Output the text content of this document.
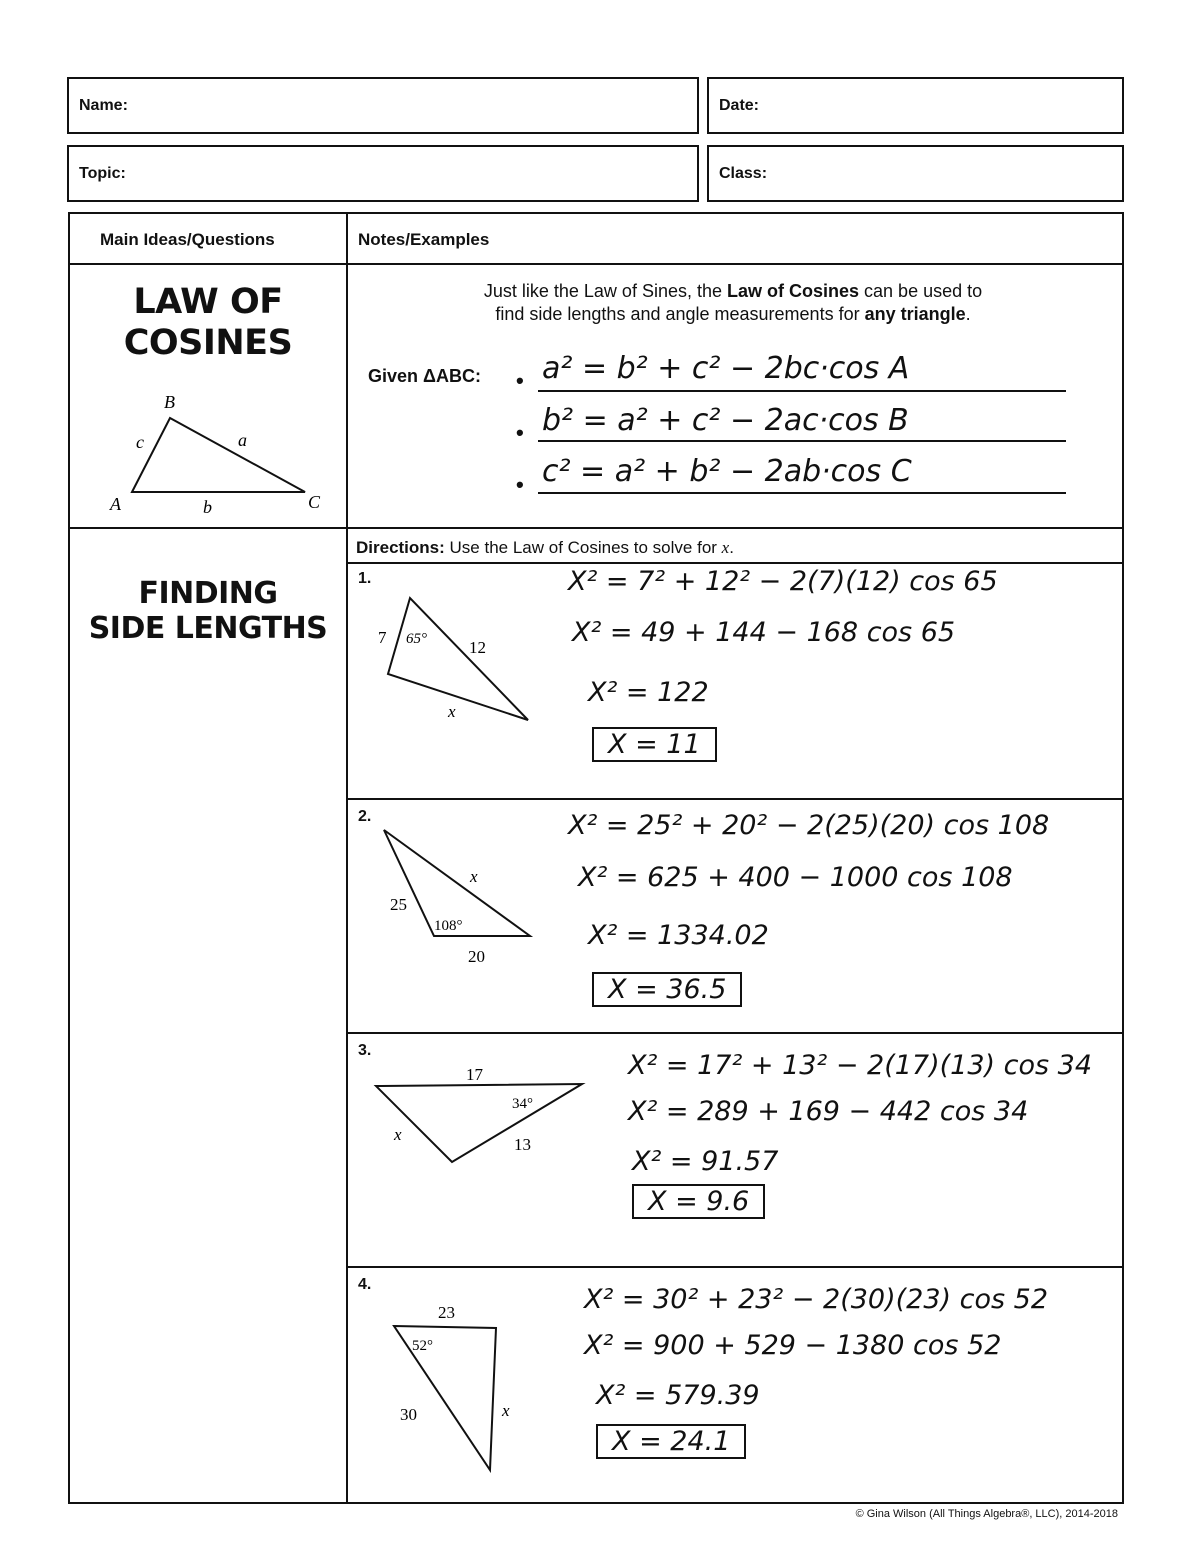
Name:	Date:
Topic:	Class:
Main Ideas/Questions	Notes/Examples
LAW OF
COSINES
B
A	C
c	a
b
Just like the Law of Sines, the Law of Cosines can be used to
find side lengths and angle measurements for any triangle.
Given ΔABC: •
•
•
a² = b² + c² − 2bc·cos A
b² = a² + c² − 2ac·cos B
c² = a² + b² − 2ab·cos C
FINDING
SIDE LENGTHS
Directions: Use the Law of Cosines to solve for x.
1.
7 65° 12
x
X² = 7² + 12² − 2(7)(12) cos 65
X² = 49 + 144 − 168 cos 65
X² = 122
X = 11
2.
25
108°
x
20
X² = 25² + 20² − 2(25)(20) cos 108
X² = 625 + 400 − 1000 cos 108
X² = 1334.02
X = 36.5
3.
17
34°
x
13
X² = 17² + 13² − 2(17)(13) cos 34
X² = 289 + 169 − 442 cos 34
X² = 91.57
X = 9.6
4.
23
52°
30	x
X² = 30² + 23² − 2(30)(23) cos 52
X² = 900 + 529 − 1380 cos 52
X² = 579.39
X = 24.1
© Gina Wilson (All Things Algebra®, LLC), 2014-2018
